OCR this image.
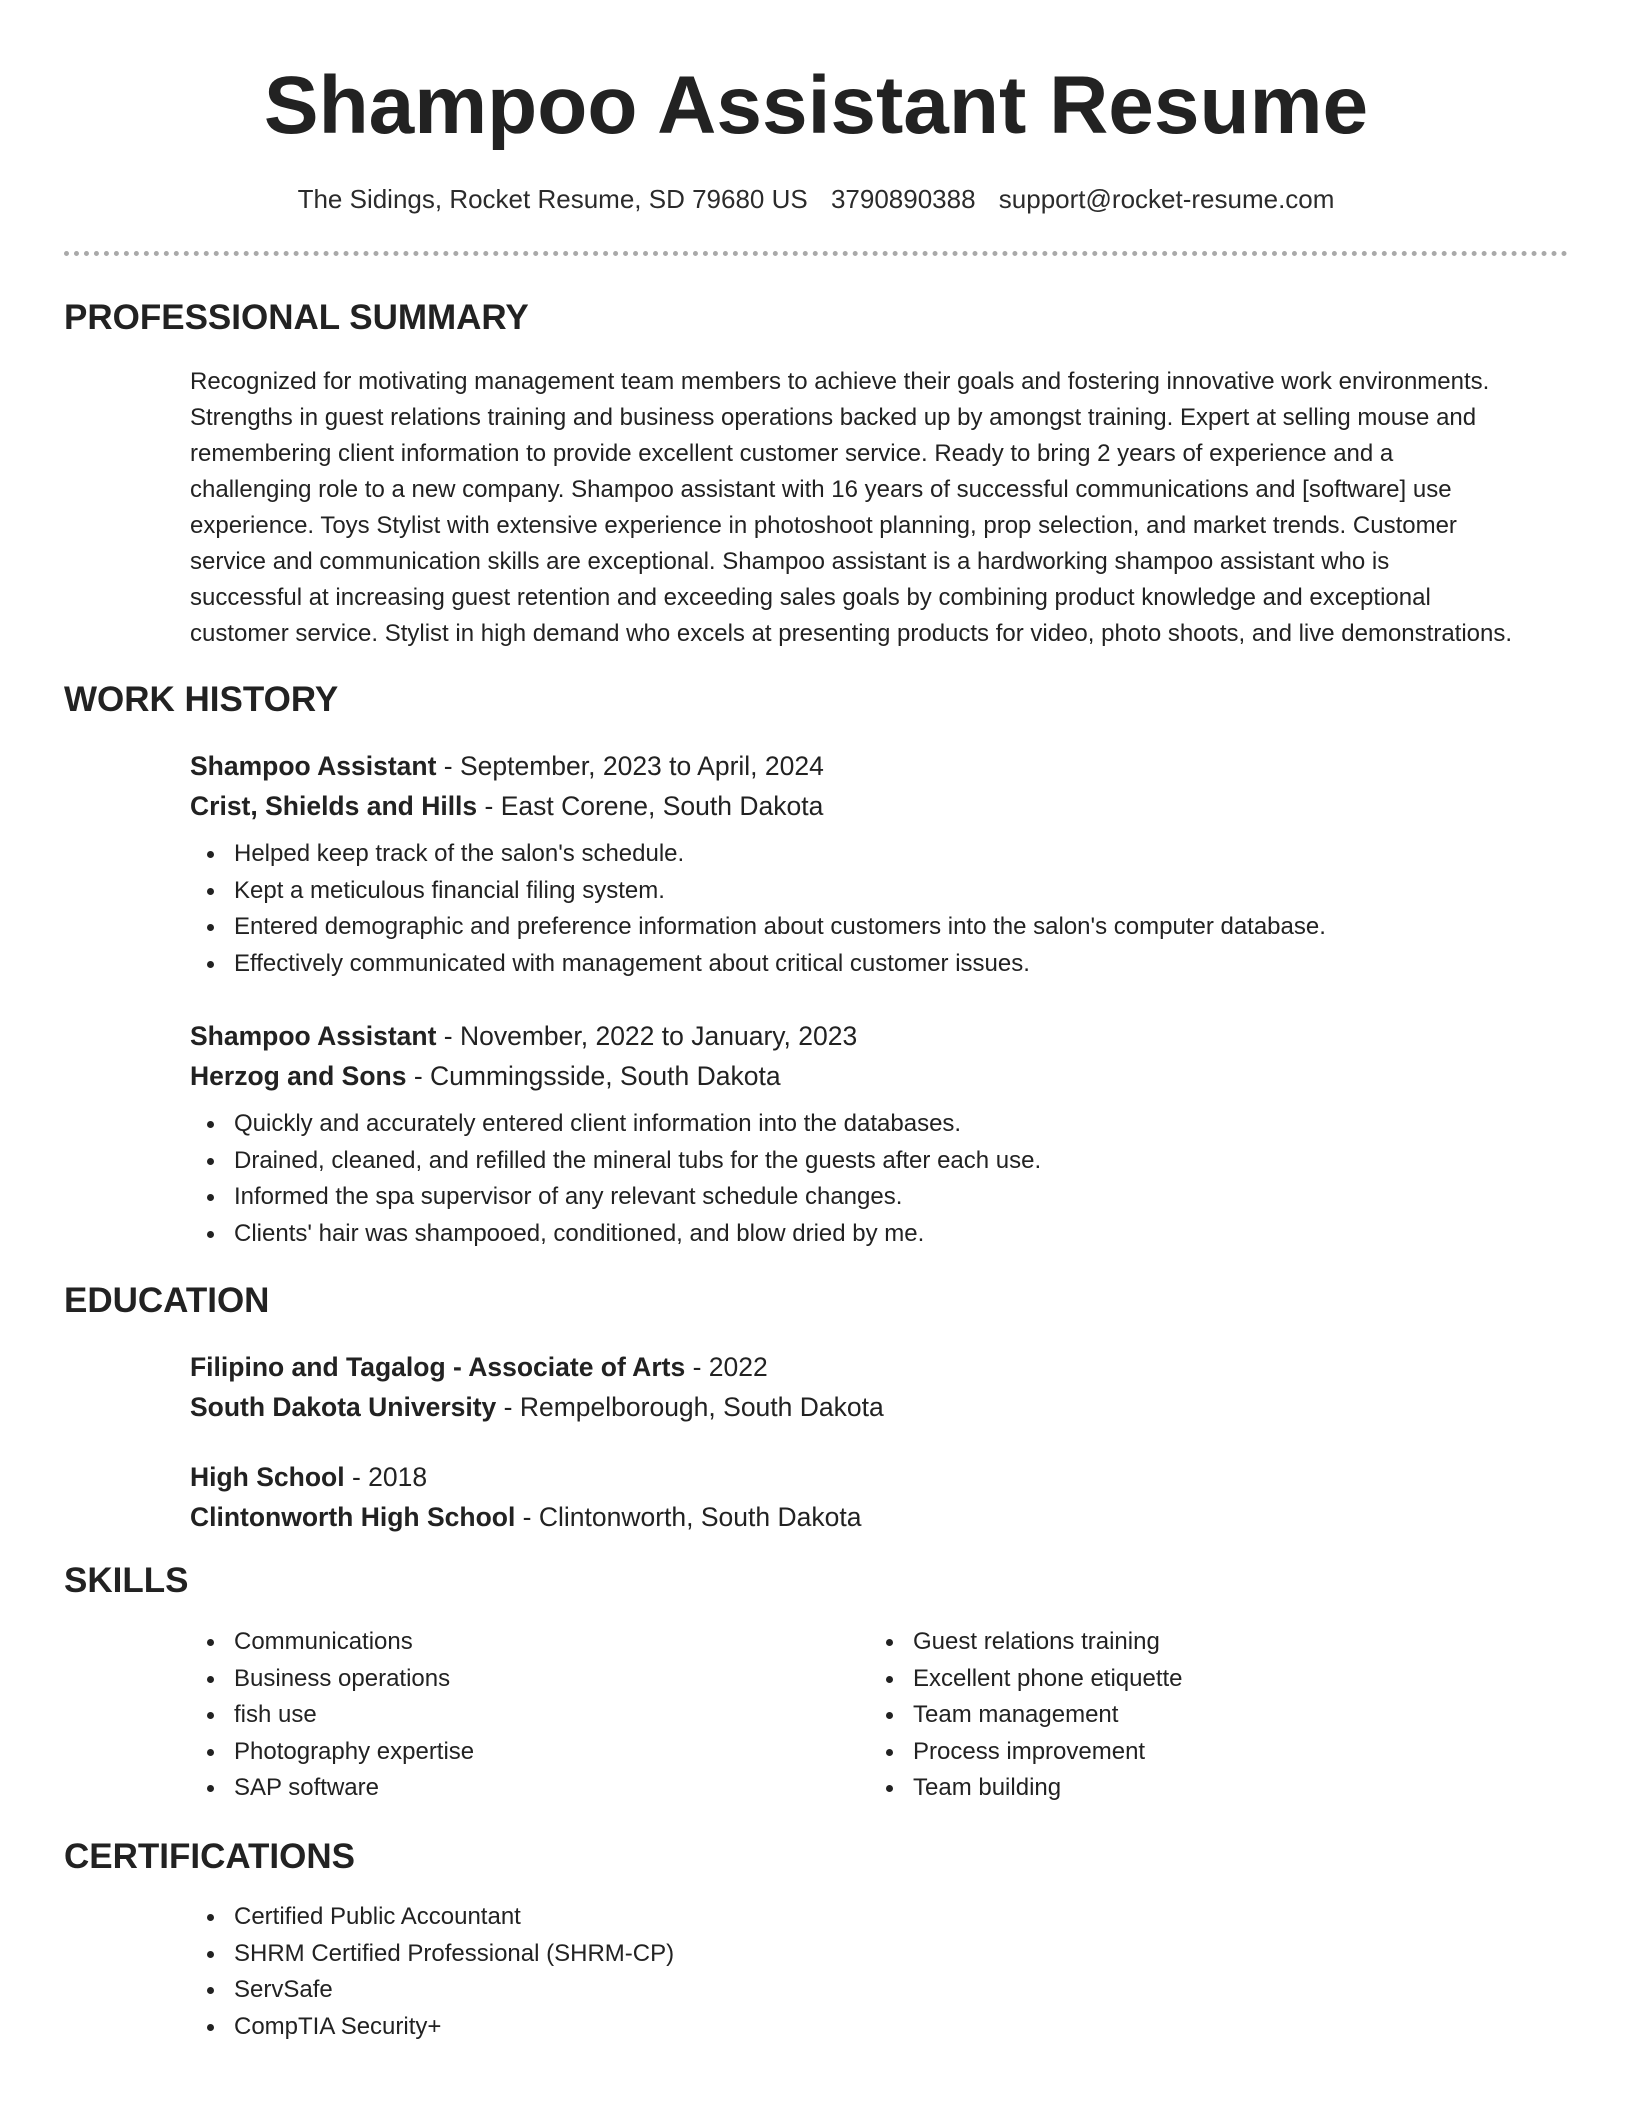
Shampoo Assistant Resume
The Sidings, Rocket Resume, SD 79680 US 3790890388 support@rocket-resume.com
PROFESSIONAL SUMMARY

Recognized for motivating management team members to achieve their goals and fostering innovative work environments.

Strengths in guest relations training and business operations backed up by amongst training. Expert at selling mouse and

remembering client information to provide excellent customer service. Ready to bring 2 years of experience and a

challenging role to a new company. Shampoo assistant with 16 years of successful communications and [software] use

experience. Toys Stylist with extensive experience in photoshoot planning, prop selection, and market trends. Customer

service and communication skills are exceptional. Shampoo assistant is a hardworking shampoo assistant who is

successful at increasing guest retention and exceeding sales goals by combining product knowledge and exceptional

customer service. Stylist in high demand who excels at presenting products for video, photo shoots, and live demonstrations.

WORK HISTORY

Shampoo Assistant - September, 2023 to April, 2024

Crist, Shields and Hills - East Corene, South Dakota

Helped keep track of the salon's schedule.
Kept a meticulous financial filing system.
Entered demographic and preference information about customers into the salon's computer database.
Effectively communicated with management about critical customer issues.

Shampoo Assistant - November, 2022 to January, 2023

Herzog and Sons - Cummingsside, South Dakota

Quickly and accurately entered client information into the databases.
Drained, cleaned, and refilled the mineral tubs for the guests after each use.
Informed the spa supervisor of any relevant schedule changes.
Clients' hair was shampooed, conditioned, and blow dried by me.
EDUCATION

Filipino and Tagalog - Associate of Arts - 2022

South Dakota University - Rempelborough, South Dakota

High School - 2018

Clintonworth High School - Clintonworth, South Dakota

SKILLS
Communications
Business operations
fish use
Photography expertise
SAP software
Guest relations training
Excellent phone etiquette
Team management
Process improvement
Team building
CERTIFICATIONS
Certified Public Accountant
SHRM Certified Professional (SHRM-CP)
ServSafe
CompTIA Security+
